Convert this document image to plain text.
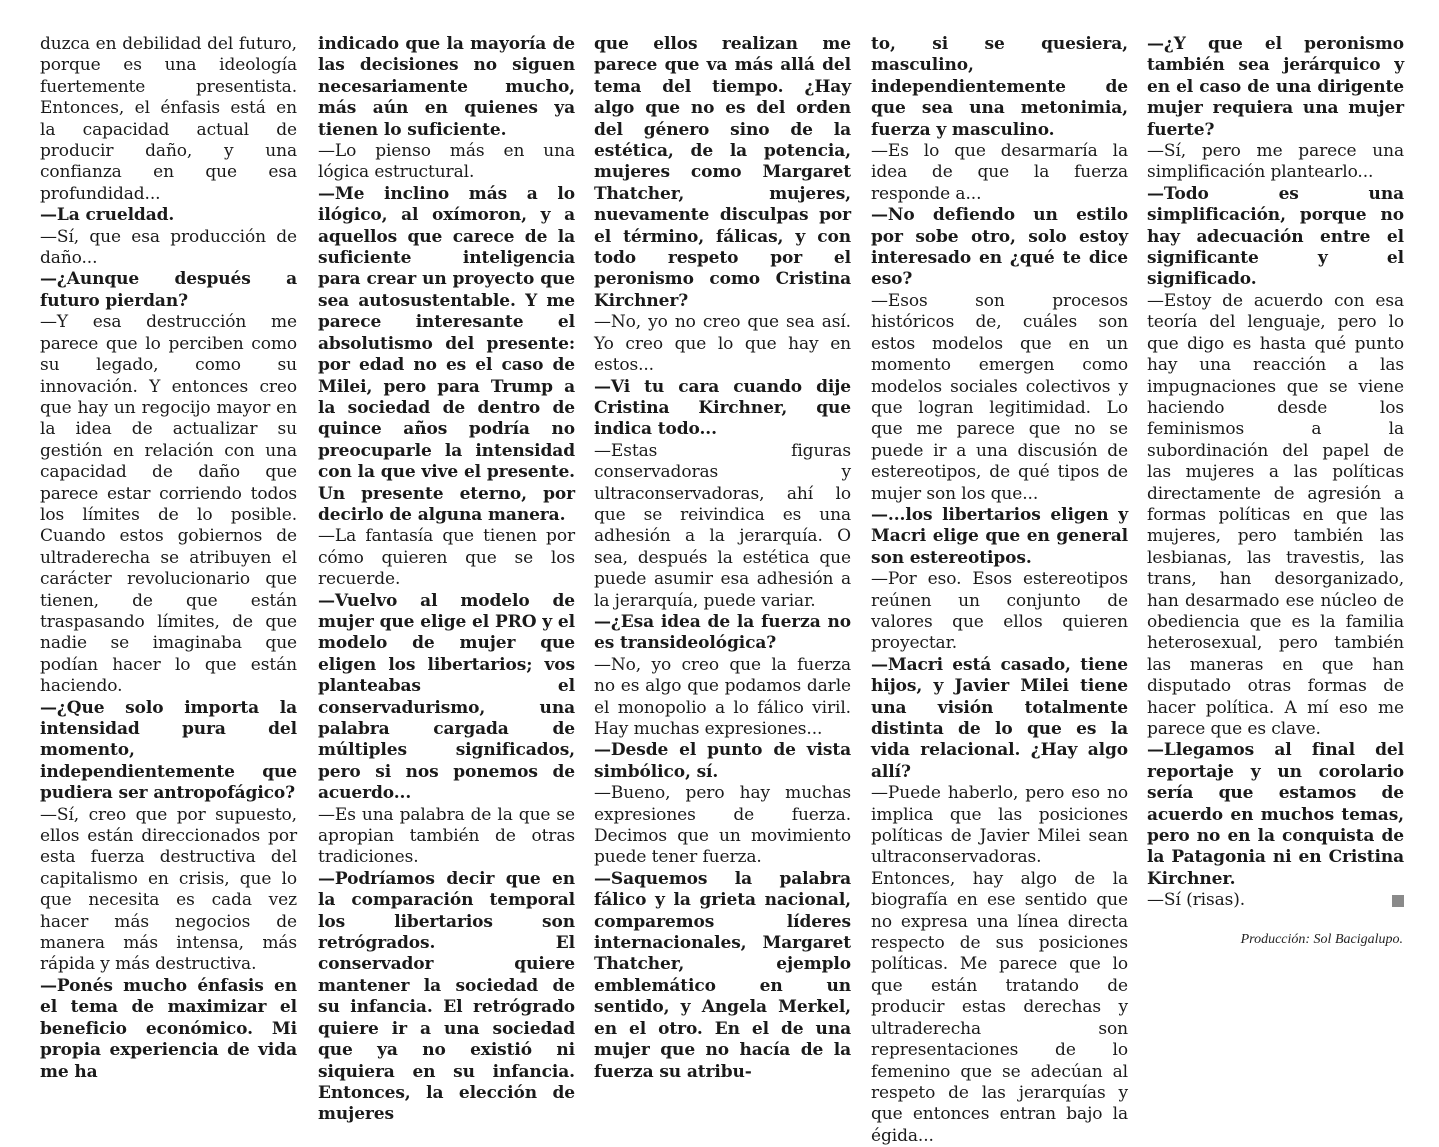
duzca en debilidad del futuro, porque es una ideología fuertemente presentista. Entonces, el énfasis está en la capacidad actual de producir daño, y una confianza en que esa profundidad...

—La crueldad.

—Sí, que esa producción de daño...

—¿Aunque después a futuro pierdan?

—Y esa destrucción me parece que lo perciben como su legado, como su innovación. Y entonces creo que hay un regocijo mayor en la idea de actualizar su gestión en relación con una capacidad de daño que parece estar corriendo todos los límites de lo posible. Cuando estos gobiernos de ultraderecha se atribuyen el carácter revolucionario que tienen, de que están traspasando límites, de que nadie se imaginaba que podían hacer lo que están haciendo.

—¿Que solo importa la intensidad pura del momento, independientemente que pudiera ser antropofágico?

—Sí, creo que por supuesto, ellos están direccionados por esta fuerza destructiva del capitalismo en crisis, que lo que necesita es cada vez hacer más negocios de manera más intensa, más rápida y más destructiva.

—Ponés mucho énfasis en el tema de maximizar el beneficio económico. Mi propia experiencia de vida me ha

indicado que la mayoría de las decisiones no siguen necesariamente mucho, más aún en quienes ya tienen lo suficiente.

—Lo pienso más en una lógica estructural.

—Me inclino más a lo ilógico, al oxímoron, y a aquellos que carece de la suficiente inteligencia para crear un proyecto que sea autosustentable. Y me parece interesante el absolutismo del presente: por edad no es el caso de Milei, pero para Trump a la sociedad de dentro de quince años podría no preocuparle la intensidad con la que vive el presente. Un presente eterno, por decirlo de alguna manera.

—La fantasía que tienen por cómo quieren que se los recuerde.

—Vuelvo al modelo de mujer que elige el PRO y el modelo de mujer que eligen los libertarios; vos planteabas el conservadurismo, una palabra cargada de múltiples significados, pero si nos ponemos de acuerdo...

—Es una palabra de la que se apropian también de otras tradiciones.

—Podríamos decir que en la comparación temporal los libertarios son retrógrados. El conservador quiere mantener la sociedad de su infancia. El retrógrado quiere ir a una sociedad que ya no existió ni siquiera en su infancia. Entonces, la elección de mujeres

que ellos realizan me parece que va más allá del tema del tiempo. ¿Hay algo que no es del orden del género sino de la estética, de la potencia, mujeres como Margaret Thatcher, mujeres, nuevamente disculpas por el término, fálicas, y con todo respeto por el peronismo como Cristina Kirchner?

—No, yo no creo que sea así. Yo creo que lo que hay en estos...

—Vi tu cara cuando dije Cristina Kirchner, que indica todo...

—Estas figuras conservadoras y ultraconservadoras, ahí lo que se reivindica es una adhesión a la jerarquía. O sea, después la estética que puede asumir esa adhesión a la jerarquía, puede variar.

—¿Esa idea de la fuerza no es transideológica?

—No, yo creo que la fuerza no es algo que podamos darle el monopolio a lo fálico viril. Hay muchas expresiones...

—Desde el punto de vista simbólico, sí.

—Bueno, pero hay muchas expresiones de fuerza. Decimos que un movimiento puede tener fuerza.

—Saquemos la palabra fálico y la grieta nacional, comparemos líderes internacionales, Margaret Thatcher, ejemplo emblemático en un sentido, y Angela Merkel, en el otro. En el de una mujer que no hacía de la fuerza su atribu-

to, si se quesiera, masculino, independientemente de que sea una metonimia, fuerza y masculino.

—Es lo que desarmaría la idea de que la fuerza responde a...

—No defiendo un estilo por sobe otro, solo estoy interesado en ¿qué te dice eso?

—Esos son procesos históricos de, cuáles son estos modelos que en un momento emergen como modelos sociales colectivos y que logran legitimidad. Lo que me parece que no se puede ir a una discusión de estereotipos, de qué tipos de mujer son los que...

—...los libertarios eligen y Macri elige que en general son estereotipos.

—Por eso. Esos estereotipos reúnen un conjunto de valores que ellos quieren proyectar.

—Macri está casado, tiene hijos, y Javier Milei tiene una visión totalmente distinta de lo que es la vida relacional. ¿Hay algo allí?

—Puede haberlo, pero eso no implica que las posiciones políticas de Javier Milei sean ultraconservadoras. Entonces, hay algo de la biografía en ese sentido que no expresa una línea directa respecto de sus posiciones políticas. Me parece que lo que están tratando de producir estas derechas y ultraderecha son representaciones de lo femenino que se adecúan al respeto de las jerarquías y que entonces entran bajo la égida...

—¿Y que el peronismo también sea jerárquico y en el caso de una dirigente mujer requiera una mujer fuerte?

—Sí, pero me parece una simplificación plantearlo...

—Todo es una simplificación, porque no hay adecuación entre el significante y el significado.

—Estoy de acuerdo con esa teoría del lenguaje, pero lo que digo es hasta qué punto hay una reacción a las impugnaciones que se viene haciendo desde los feminismos a la subordinación del papel de las mujeres a las políticas directamente de agresión a formas políticas en que las mujeres, pero también las lesbianas, las travestis, las trans, han desorganizado, han desarmado ese núcleo de obediencia que es la familia heterosexual, pero también las maneras en que han disputado otras formas de hacer política. A mí eso me parece que es clave.

—Llegamos al final del reportaje y un corolario sería que estamos de acuerdo en muchos temas, pero no en la conquista de la Patagonia ni en Cristina Kirchner.

—Sí (risas).

Producción: Sol Bacigalupo.
